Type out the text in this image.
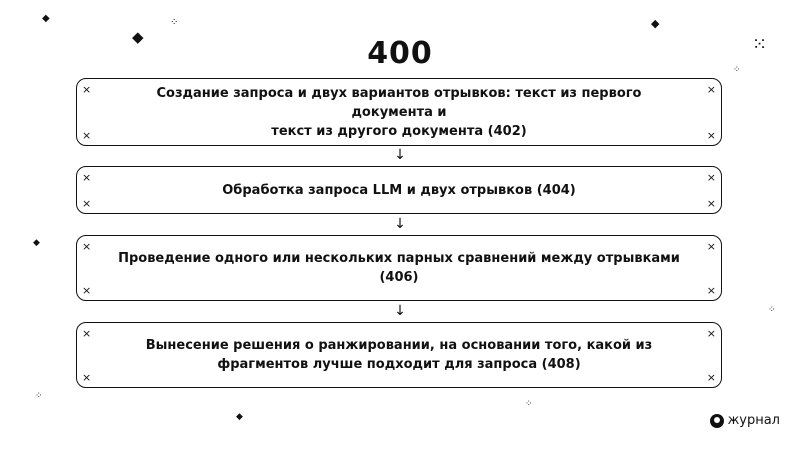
◆
◆
⁘	◆
⁙
⁘
◆
⁘
⁘
⁘
◆
400
×	×
×	×
Создание запроса и двух вариантов отрывков: текст из первого документа и
текст из другого документа (402)
↓
×	×
×	×
Обработка запроса LLM и двух отрывков (404)
↓
×	×
×	×
Проведение одного или нескольких парных сравнений между отрывками
(406)
↓
×	×
×	×
Вынесение решения о ранжировании, на основании того, какой из
фрагментов лучше подходит для запроса (408)
журнал
